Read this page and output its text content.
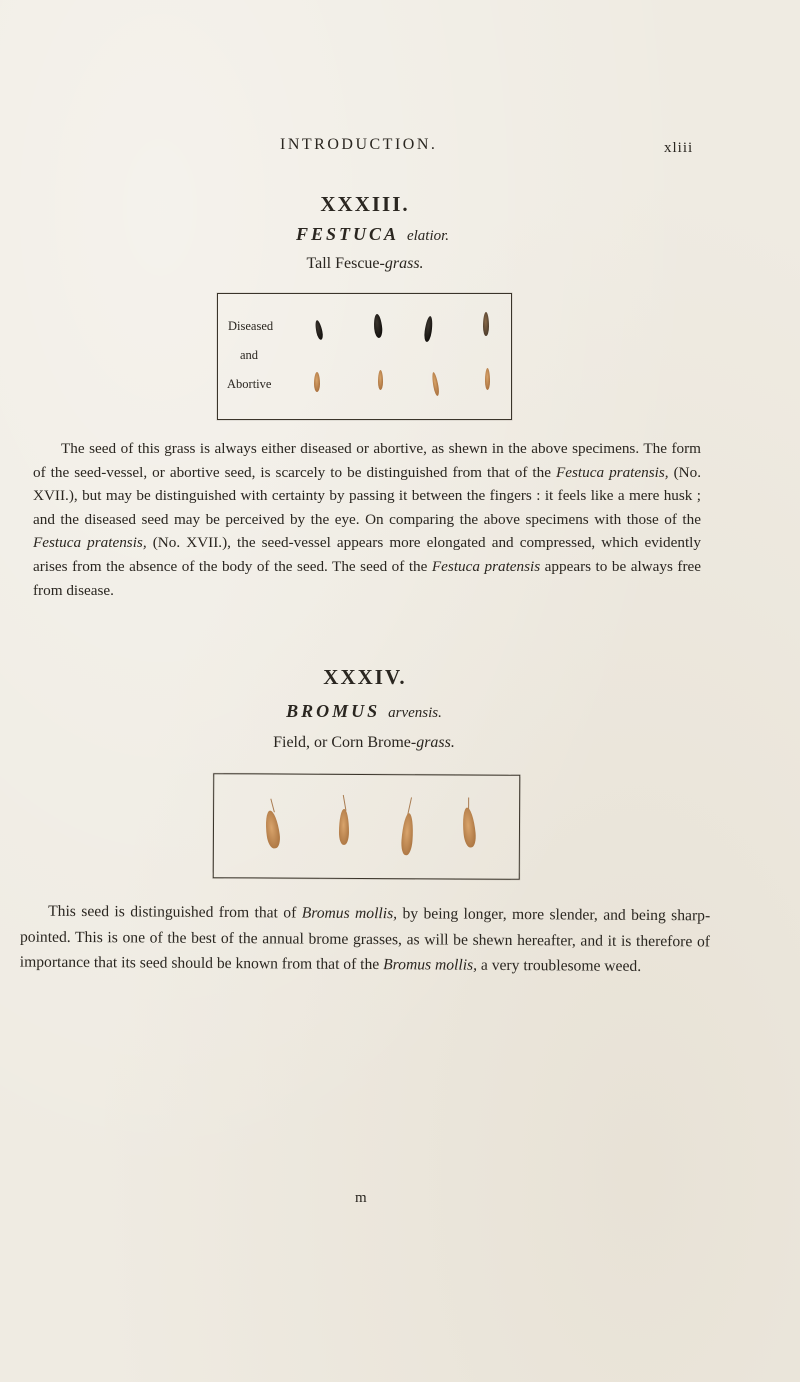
INTRODUCTION.	xliii
XXXIII.
FESTUCA elatior.
Tall Fescue-grass.
Diseased
and
Abortive
The seed of this grass is always either diseased or abortive, as shewn in the above specimens. The form of the seed-vessel, or abortive seed, is scarcely to be distinguished from that of the Festuca pratensis, (No. XVII.), but may be distinguished with certainty by passing it between the fingers : it feels like a mere husk ; and the diseased seed may be perceived by the eye. On comparing the above specimens with those of the Festuca pratensis, (No. XVII.), the seed-vessel appears more elongated and compressed, which evidently arises from the absence of the body of the seed. The seed of the Festuca pratensis appears to be always free from disease.
XXXIV.
BROMUS arvensis.
Field, or Corn Brome-grass.
This seed is distinguished from that of Bromus mollis, by being longer, more slender, and being sharp-pointed. This is one of the best of the annual brome grasses, as will be shewn hereafter, and it is therefore of importance that its seed should be known from that of the Bromus mollis, a very troublesome weed.
m
